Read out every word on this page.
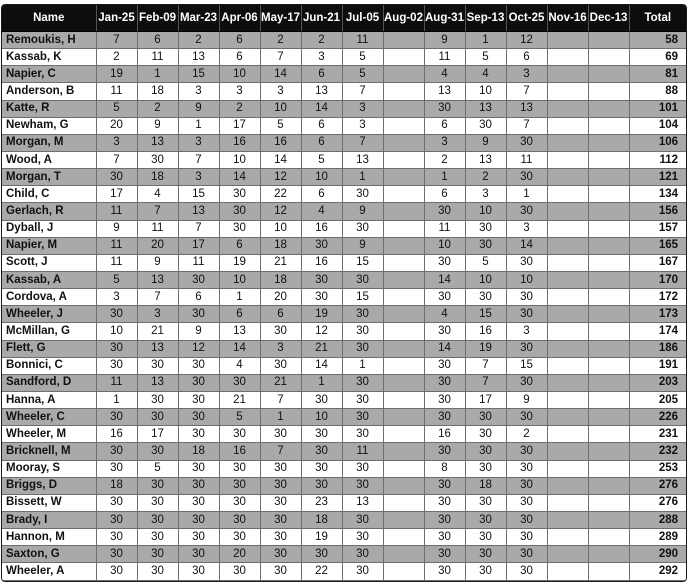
Name	Jan-25	Feb-09	Mar-23	Apr-06	May-17	Jun-21	Jul-05	Aug-02	Aug-31	Sep-13	Oct-25	Nov-16	Dec-13	Total
Remoukis, H	7	6	2	6	2	2	11		9	1	12			58
Kassab, K	2	11	13	6	7	3	5		11	5	6			69
Napier, C	19	1	15	10	14	6	5		4	4	3			81
Anderson, B	11	18	3	3	3	13	7		13	10	7			88
Katte, R	5	2	9	2	10	14	3		30	13	13			101
Newham, G	20	9	1	17	5	6	3		6	30	7			104
Morgan, M	3	13	3	16	16	6	7		3	9	30			106
Wood, A	7	30	7	10	14	5	13		2	13	11			112
Morgan, T	30	18	3	14	12	10	1		1	2	30			121
Child, C	17	4	15	30	22	6	30		6	3	1			134
Gerlach, R	11	7	13	30	12	4	9		30	10	30			156
Dyball, J	9	11	7	30	10	16	30		11	30	3			157
Napier, M	11	20	17	6	18	30	9		10	30	14			165
Scott, J	11	9	11	19	21	16	15		30	5	30			167
Kassab, A	5	13	30	10	18	30	30		14	10	10			170
Cordova, A	3	7	6	1	20	30	15		30	30	30			172
Wheeler, J	30	3	30	6	6	19	30		4	15	30			173
McMillan, G	10	21	9	13	30	12	30		30	16	3			174
Flett, G	30	13	12	14	3	21	30		14	19	30			186
Bonnici, C	30	30	30	4	30	14	1		30	7	15			191
Sandford, D	11	13	30	30	21	1	30		30	7	30			203
Hanna, A	1	30	30	21	7	30	30		30	17	9			205
Wheeler, C	30	30	30	5	1	10	30		30	30	30			226
Wheeler, M	16	17	30	30	30	30	30		16	30	2			231
Bricknell, M	30	30	18	16	7	30	11		30	30	30			232
Mooray, S	30	5	30	30	30	30	30		8	30	30			253
Briggs, D	18	30	30	30	30	30	30		30	18	30			276
Bissett, W	30	30	30	30	30	23	13		30	30	30			276
Brady, I	30	30	30	30	30	18	30		30	30	30			288
Hannon, M	30	30	30	30	30	19	30		30	30	30			289
Saxton, G	30	30	30	20	30	30	30		30	30	30			290
Wheeler, A	30	30	30	30	30	22	30		30	30	30			292
